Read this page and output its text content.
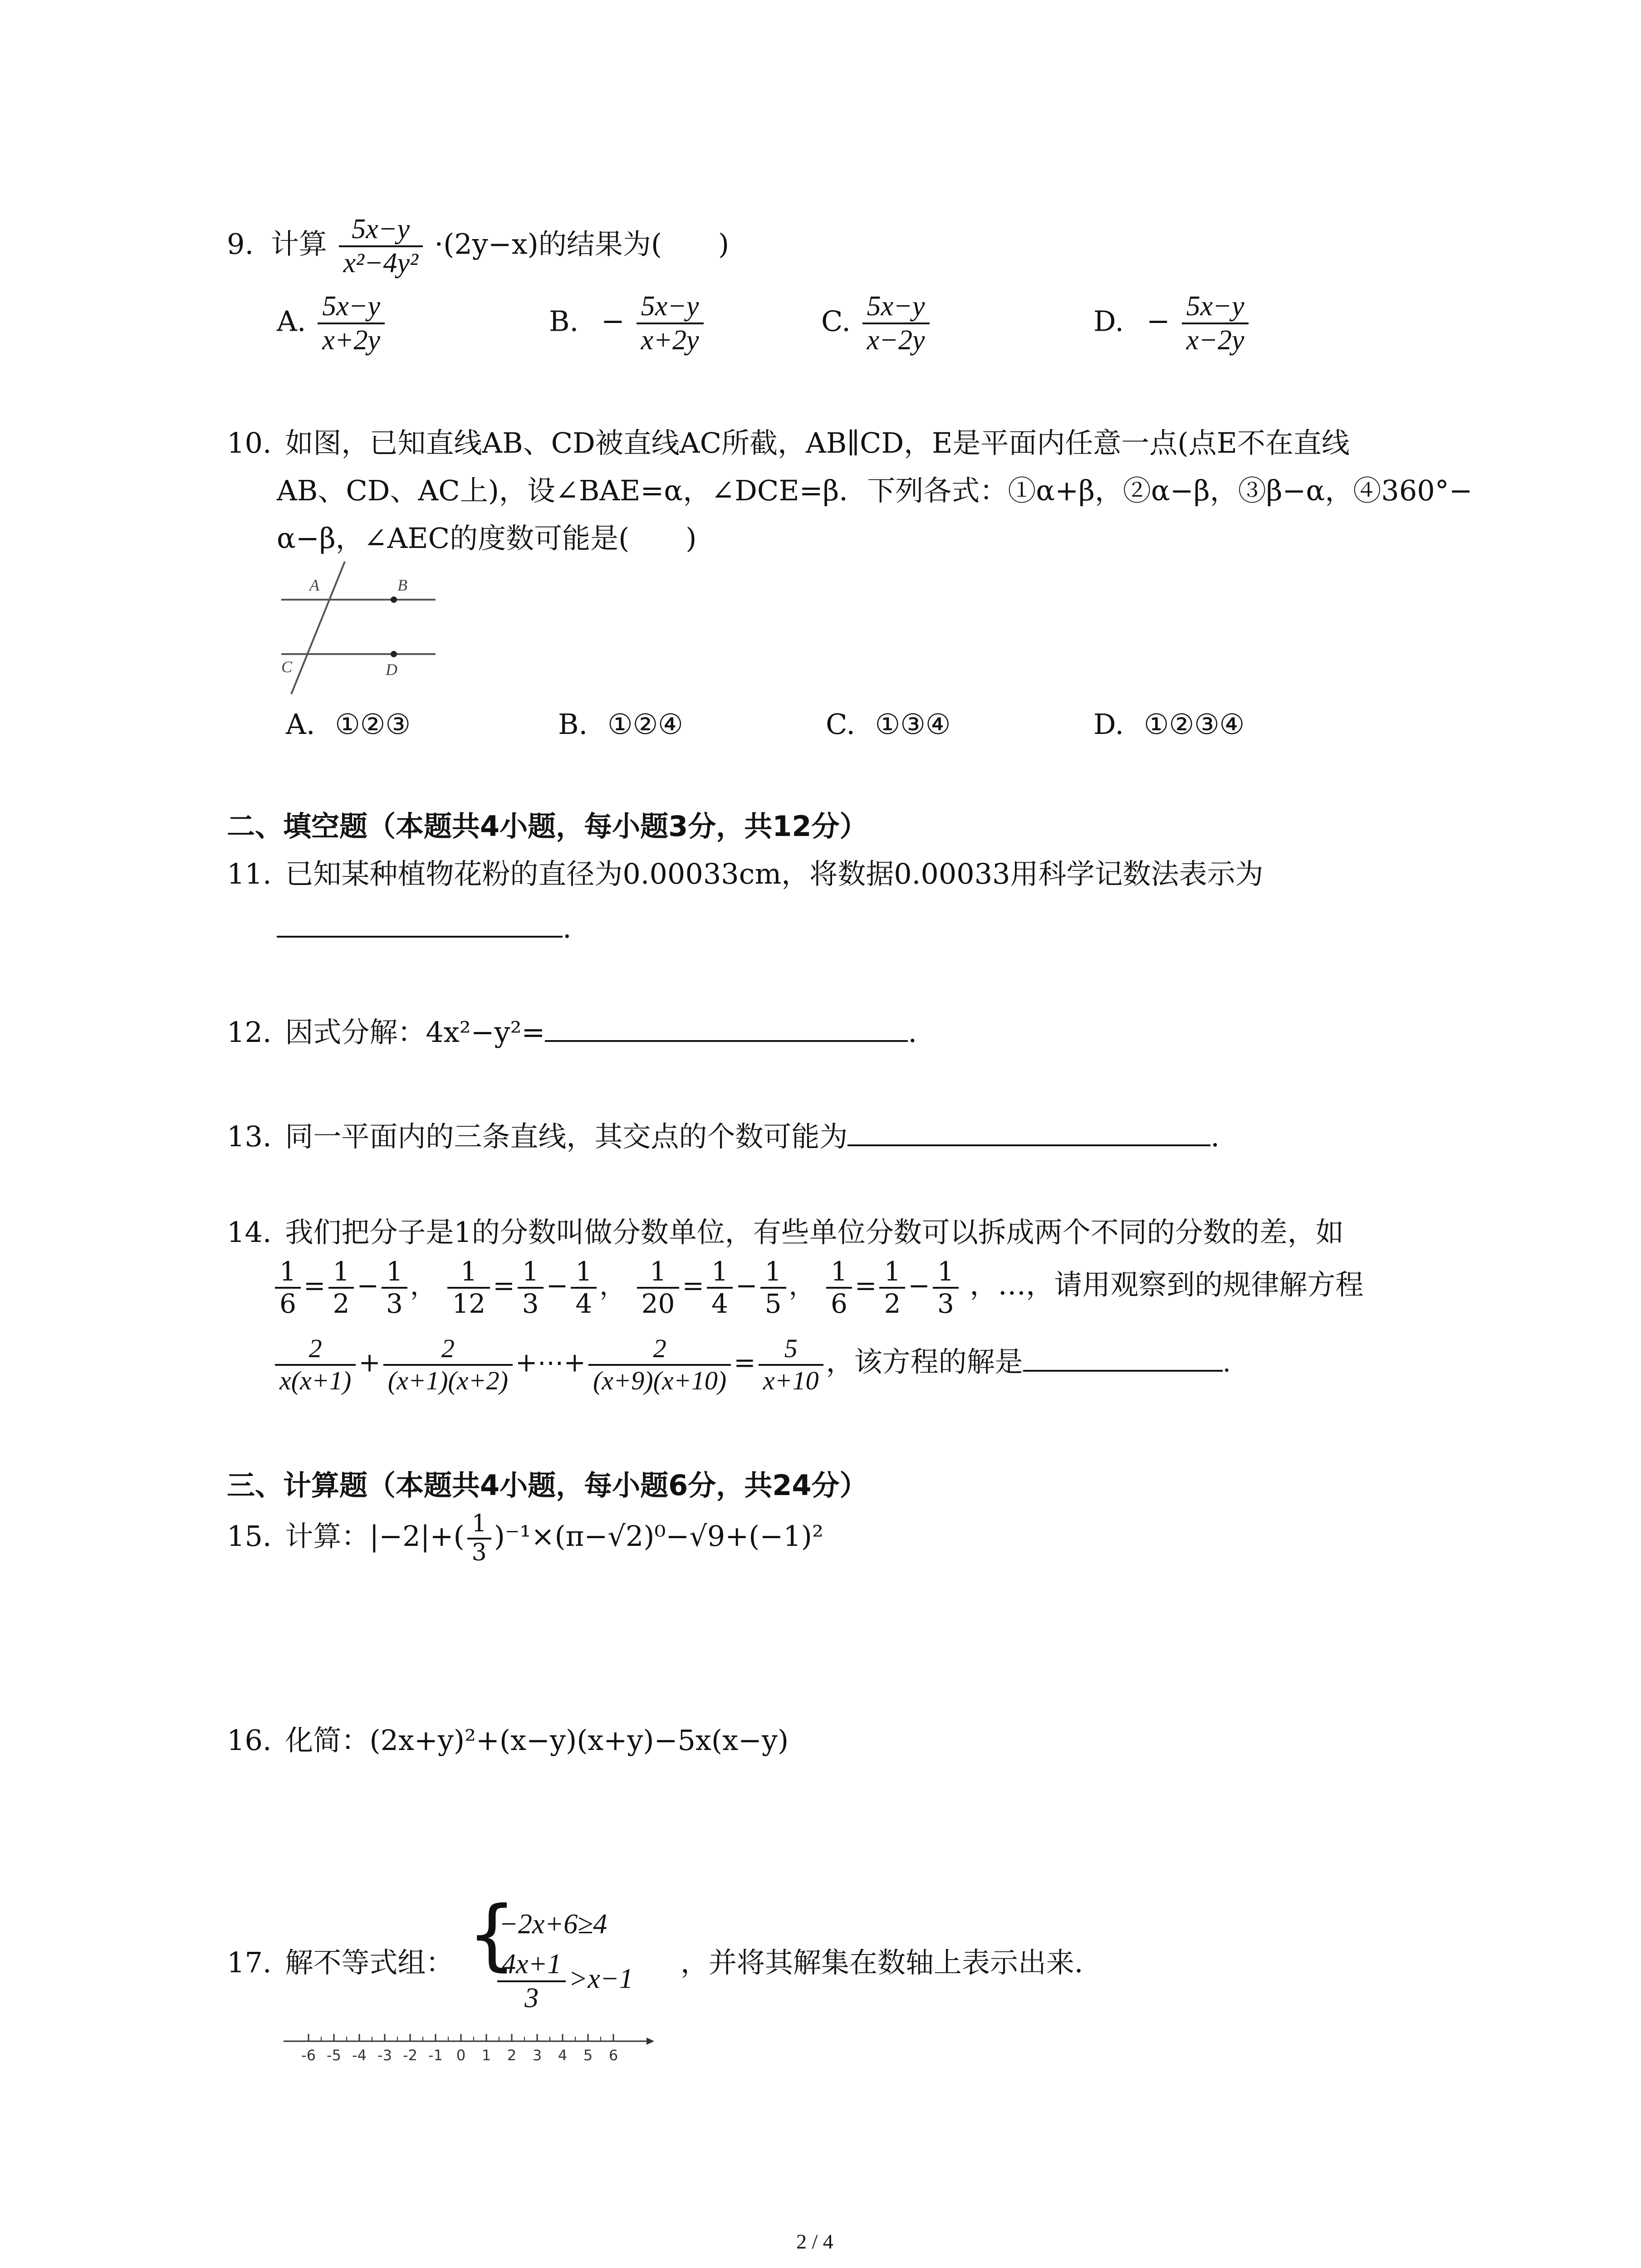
9. 计算 $\frac{5x-y}{\text{x²−4y²}} \cdot(2y-x)$的结果为(　　)
A. $\frac{5x-y}{x+2y}$	B. − $\frac{5x-y}{x+2y}$	C. $\frac{5x-y}{x-2y}$	D. − $\frac{5x-y}{x-2y}$
10. 如图，已知直线AB、CD被直线AC所截，AB∥CD，E是平面内任意一点(点E不在直线
AB、CD、AC上)，设∠BAE=α，∠DCE=β．下列各式：①α+β，②α−β，③β−α，④360°−
α−β，∠AEC的度数可能是(　　)
A	B
C	D
A. ①②③	B. ①②④	C. ①③④	D. ①②③④
二、填空题（本题共4小题，每小题3分，共12分）
11. 已知某种植物花粉的直径为0.00033cm，将数据0.00033用科学记数法表示为
.
12. 因式分解：4x²−y²=	.
13. 同一平面内的三条直线，其交点的个数可能为	.
14. 我们把分子是1的分数叫做分数单位，有些单位分数可以拆成两个不同的分数的差，如
$\frac{1}{6} = \frac{1}{2} - \frac{1}{3}$ ， $\frac{1}{12} = \frac{1}{3} - \frac{1}{4}$ ， $\frac{1}{20} = \frac{1}{4} - \frac{1}{5}$ ， $\frac{1}{6} = \frac{1}{2} - \frac{1}{3}$ ，…，请用观察到的规律解方程
$\frac{2}{x(x+1)} + \frac{2}{(x+1)(x+2)}$ +⋯+ $\frac{2}{(x+9)(x+10)} = \frac{5}{x+10}$ ，该方程的解是	.
三、计算题（本题共4小题，每小题6分，共24分）
15. 计算：$|-2|+( \frac{1}{3} )^{-1}\times(\pi-√2)^0-√9+(-1)^2$
16. 化简：(2x+y)²+(x−y)(x+y)−5x(x−y)
17. 解不等式组： {
−2x+6≥4
$\frac{4x+1}{3} >x-1$ ，并将其解集在数轴上表示出来．
-6 -5 -4 -3 -2 -1 0 1 2 3 4 5 6
2 / 4
